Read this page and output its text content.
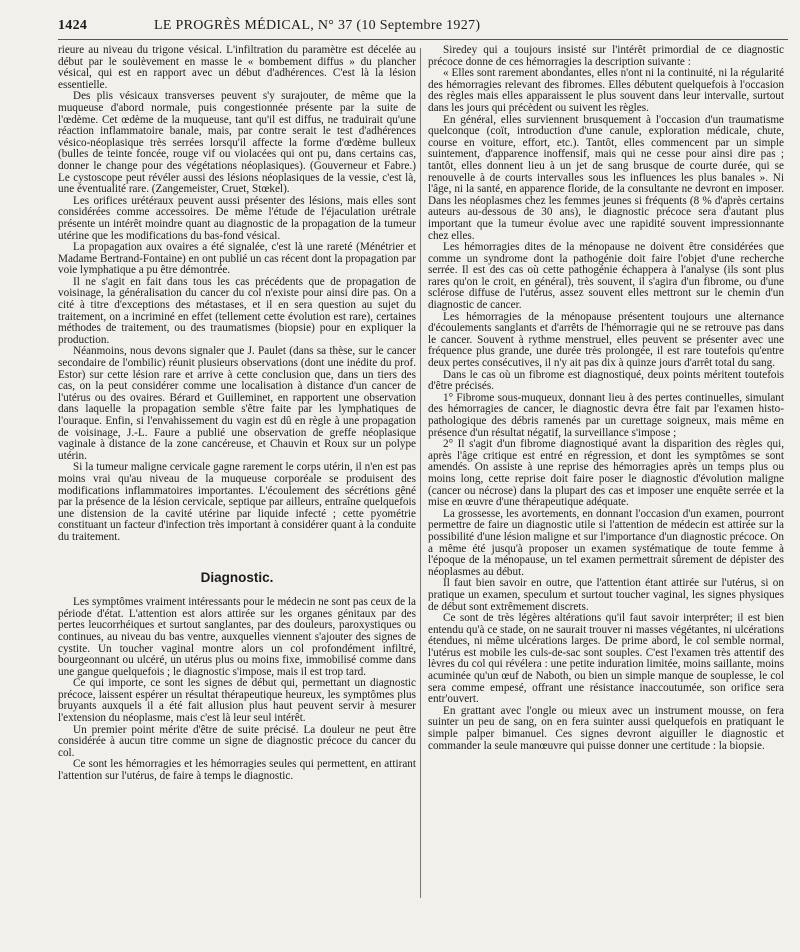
1424	LE PROGRÈS MÉDICAL, N° 37 (10 Septembre 1927)

rieure au niveau du trigone vésical. L'infiltration du paramètre est décelée au début par le soulèvement en masse le « bombement diffus » du plancher vésical, qui est en rapport avec un début d'adhérences. C'est là la lésion essentielle.

Des plis vésicaux transverses peuvent s'y surajouter, de même que la muqueuse d'abord normale, puis congestionnée présente par la suite de l'œdème. Cet œdème de la muqueuse, tant qu'il est diffus, ne traduirait qu'une réaction inflammatoire banale, mais, par contre serait le test d'adhérences vésico-néoplasique très serrées lorsqu'il affecte la forme d'œdème bulleux (bulles de teinte foncée, rouge vif ou violacées qui ont pu, dans certains cas, donner le change pour des végétations néoplasiques). (Gouverneur et Fabre.) Le cystoscope peut révéler aussi des lésions néoplasiques de la vessie, c'est là, une éventualité rare. (Zangemeister, Cruet, Stœkel).

Les orifices urétéraux peuvent aussi présenter des lésions, mais elles sont considérées comme accessoires. De même l'étude de l'éjaculation urétrale présente un intérêt moindre quant au diagnostic de la propagation de la tumeur utérine que les modifications du bas-fond vésical.

La propagation aux ovaires a été signalée, c'est là une rareté (Ménétrier et Madame Bertrand-Fontaine) en ont publié un cas récent dont la propagation par voie lymphatique a pu être démontrée.

Il ne s'agit en fait dans tous les cas précédents que de propagation de voisinage, la généralisation du cancer du col n'existe pour ainsi dire pas. On a cité à titre d'exceptions des métastases, et il en sera question au sujet du traitement, on a incriminé en effet (tellement cette évolution est rare), certaines méthodes de traitement, ou des traumatismes (biopsie) pour en expliquer la production.

Néanmoins, nous devons signaler que J. Paulet (dans sa thèse, sur le cancer secondaire de l'ombilic) réunit plusieurs observations (dont une inédite du prof. Estor) sur cette lésion rare et arrive à cette conclusion que, dans un tiers des cas, on la peut considérer comme une localisation à distance d'un cancer de l'utérus ou des ovaires. Bérard et Guilleminet, en rapportent une observation dans laquelle la propagation semble s'être faite par les lymphatiques de l'ouraque. Enfin, si l'envahissement du vagin est dû en règle à une propagation de voisinage, J.-L. Faure a publié une observation de greffe néoplasique vaginale à distance de la zone cancéreuse, et Chauvin et Roux sur un polype utérin.

Si la tumeur maligne cervicale gagne rarement le corps utérin, il n'en est pas moins vrai qu'au niveau de la muqueuse corporéale se produisent des modifications inflammatoires importantes. L'écoulement des sécrétions gêné par la présence de la lésion cervicale, septique par ailleurs, entraîne quelquefois une distension de la cavité utérine par liquide infecté ; cette pyométrie constituant un facteur d'infection très important à considérer quant à la conduite du traitement.

Diagnostic.

Les symptômes vraiment intéressants pour le médecin ne sont pas ceux de la période d'état. L'attention est alors attirée sur les organes génitaux par des pertes leucorrhéiques et surtout sanglantes, par des douleurs, paroxystiques ou continues, au niveau du bas ventre, auxquelles viennent s'ajouter des signes de cystite. Un toucher vaginal montre alors un col profondément infiltré, bourgeonnant ou ulcéré, un utérus plus ou moins fixe, immobilisé comme dans une gangue quelquefois ; le diagnostic s'impose, mais il est trop tard.

Ce qui importe, ce sont les signes de début qui, permettant un diagnostic précoce, laissent espérer un résultat thérapeutique heureux, les symptômes plus bruyants auxquels il a été fait allusion plus haut peuvent servir à mesurer l'extension du néoplasme, mais c'est là leur seul intérêt.

Un premier point mérite d'être de suite précisé. La douleur ne peut être considérée à aucun titre comme un signe de diagnostic précoce du cancer du col.

Ce sont les hémorragies et les hémorragies seules qui permettent, en attirant l'attention sur l'utérus, de faire à temps le diagnostic.

Siredey qui a toujours insisté sur l'intérêt primordial de ce diagnostic précoce donne de ces hémorragies la description suivante :

« Elles sont rarement abondantes, elles n'ont ni la continuité, ni la régularité des hémorragies relevant des fibromes. Elles débutent quelquefois à l'occasion des règles mais elles apparaissent le plus souvent dans leur intervalle, surtout dans les jours qui précèdent ou suivent les règles.

En général, elles surviennent brusquement à l'occasion d'un traumatisme quelconque (coït, introduction d'une canule, exploration médicale, chute, course en voiture, effort, etc.). Tantôt, elles commencent par un simple suintement, d'apparence inoffensif, mais qui ne cesse pour ainsi dire pas ; tantôt, elles donnent lieu à un jet de sang brusque de courte durée, qui se renouvelle à de courts intervalles sous les influences les plus banales ». Ni l'âge, ni la santé, en apparence floride, de la consultante ne devront en imposer. Dans les néoplasmes chez les femmes jeunes si fréquents (8 % d'après certains auteurs au-dessous de 30 ans), le diagnostic précoce sera d'autant plus important que la tumeur évolue avec une rapidité souvent impressionnante chez elles.

Les hémorragies dites de la ménopause ne doivent être considérées que comme un syndrome dont la pathogénie doit faire l'objet d'une recherche serrée. Il est des cas où cette pathogénie échappera à l'analyse (ils sont plus rares qu'on le croit, en général), très souvent, il s'agira d'un fibrome, ou d'une sclérose diffuse de l'utérus, assez souvent elles mettront sur le chemin d'un diagnostic de cancer.

Les hémorragies de la ménopause présentent toujours une alternance d'écoulements sanglants et d'arrêts de l'hémorragie qui ne se retrouve pas dans le cancer. Souvent à rythme menstruel, elles peuvent se présenter avec une fréquence plus grande, une durée très prolongée, il est rare toutefois qu'entre deux pertes consécutives, il n'y ait pas dix à quinze jours d'arrêt total du sang.

Dans le cas où un fibrome est diagnostiqué, deux points méritent toutefois d'être précisés.

1° Fibrome sous-muqueux, donnant lieu à des pertes continuelles, simulant des hémorragies de cancer, le diagnostic devra être fait par l'examen histo-pathologique des débris ramenés par un curettage soigneux, mais même en présence d'un résultat négatif, la surveillance s'impose ;

2° Il s'agit d'un fibrome diagnostiqué avant la disparition des règles qui, après l'âge critique est entré en régression, et dont les symptômes se sont amendés. On assiste à une reprise des hémorragies après un temps plus ou moins long, cette reprise doit faire poser le diagnostic d'évolution maligne (cancer ou nécrose) dans la plupart des cas et imposer une enquête serrée et la mise en œuvre d'une thérapeutique adéquate.

La grossesse, les avortements, en donnant l'occasion d'un examen, pourront permettre de faire un diagnostic utile si l'attention de médecin est attirée sur la possibilité d'une lésion maligne et sur l'importance d'un diagnostic précoce. On a même été jusqu'à proposer un examen systématique de toute femme à l'époque de la ménopause, un tel examen permettrait sûrement de dépister des néoplasmes au début.

Il faut bien savoir en outre, que l'attention étant attirée sur l'utérus, si on pratique un examen, speculum et surtout toucher vaginal, les signes physiques de début sont extrêmement discrets.

Ce sont de très légères altérations qu'il faut savoir interpréter; il est bien entendu qu'à ce stade, on ne saurait trouver ni masses végétantes, ni ulcérations étendues, ni même ulcérations larges. De prime abord, le col semble normal, l'utérus est mobile les culs-de-sac sont souples. C'est l'examen très attentif des lèvres du col qui révélera : une petite induration limitée, moins saillante, moins acuminée qu'un œuf de Naboth, ou bien un simple manque de souplesse, le col sera comme empesé, offrant une résistance inaccoutumée, son orifice sera entr'ouvert.

En grattant avec l'ongle ou mieux avec un instrument mousse, on fera suinter un peu de sang, on en fera suinter aussi quelquefois en pratiquant le simple palper bimanuel. Ces signes devront aiguiller le diagnostic et commander la seule manœuvre qui puisse donner une certitude : la biopsie.
